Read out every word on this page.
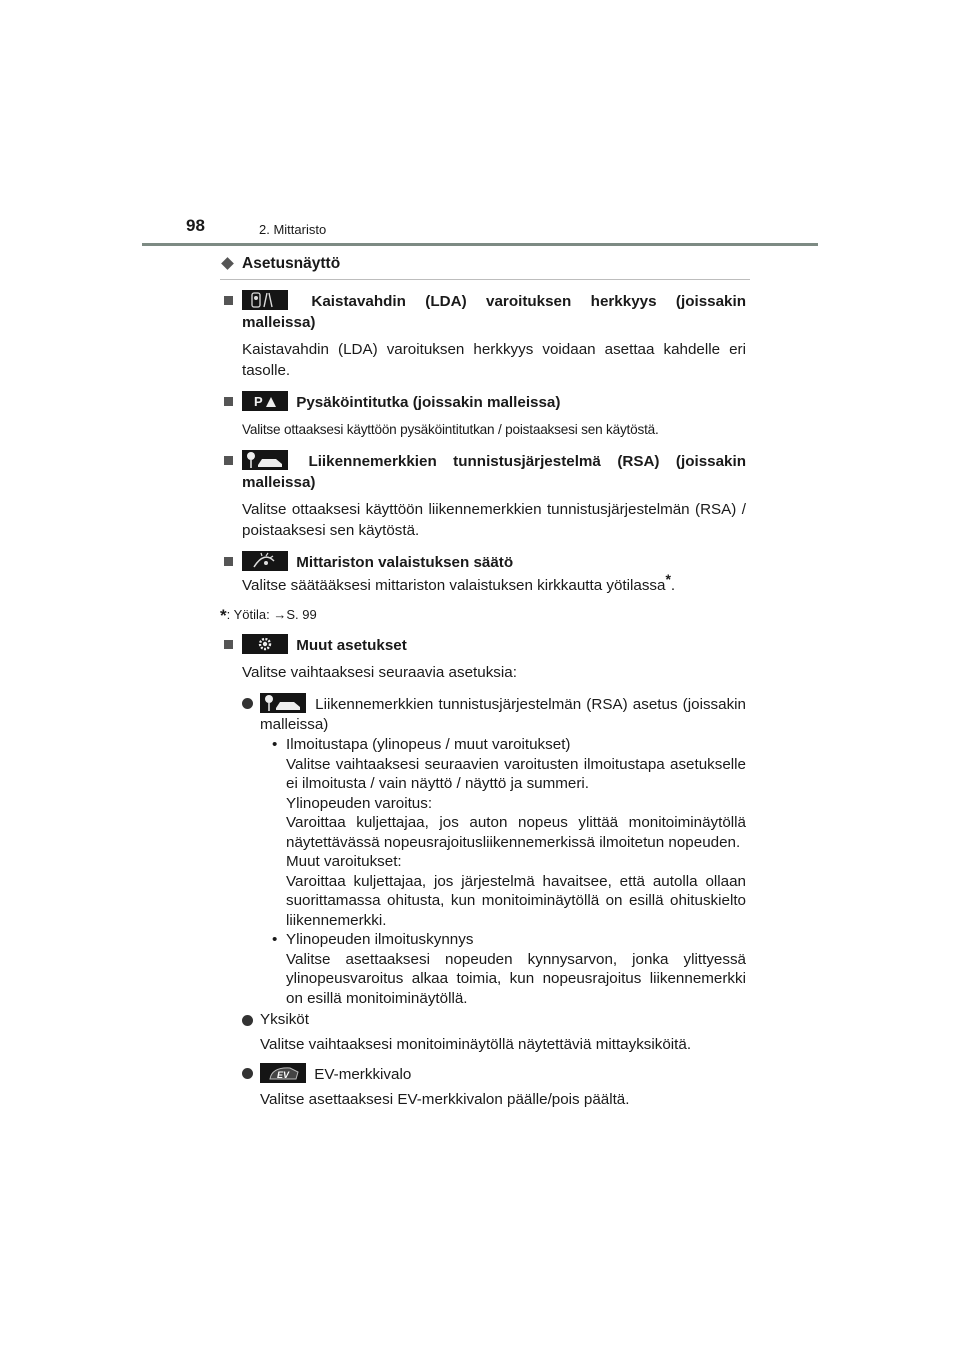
98	2. Mittaristo
Asetusnäyttö
Kaistavahdin (LDA) varoituksen herkkyys (joissakin malleissa)
Kaistavahdin (LDA) varoituksen herkkyys voidaan asettaa kahdelle eri tasolle.
P Pysäköintitutka (joissakin malleissa)
Valitse ottaaksesi käyttöön pysäköintitutkan / poistaaksesi sen käytöstä.
Liikennemerkkien tunnistusjärjestelmä (RSA) (joissakin malleissa)
Valitse ottaaksesi käyttöön liikennemerkkien tunnistusjärjestelmän (RSA) / poistaaksesi sen käytöstä.
Mittariston valaistuksen säätö
Valitse säätääksesi mittariston valaistuksen kirkkautta yötilassa*.
*: Yötila: →S. 99
Muut asetukset
Valitse vaihtaaksesi seuraavia asetuksia:
Liikennemerkkien tunnistusjärjestelmän (RSA) asetus (joissakin malleissa)
• Ilmoitustapa (ylinopeus / muut varoitukset)
Valitse vaihtaaksesi seuraavien varoitusten ilmoitustapa asetukselle ei ilmoitusta / vain näyttö / näyttö ja summeri.
Ylinopeuden varoitus:
Varoittaa kuljettajaa, jos auton nopeus ylittää monitoiminäytöllä näytettävässä nopeusrajoitusliikennemerkissä ilmoitetun nopeuden.
Muut varoitukset:
Varoittaa kuljettajaa, jos järjestelmä havaitsee, että autolla ollaan suorittamassa ohitusta, kun monitoiminäytöllä on esillä ohituskielto liikennemerkki.
• Ylinopeuden ilmoituskynnys
Valitse asettaaksesi nopeuden kynnysarvon, jonka ylittyessä ylinopeusvaroitus alkaa toimia, kun nopeusrajoitus liikennemerkki on esillä monitoiminäytöllä.
Yksiköt
Valitse vaihtaaksesi monitoiminäytöllä näytettäviä mittayksiköitä.
EV EV-merkkivalo
Valitse asettaaksesi EV-merkkivalon päälle/pois päältä.
